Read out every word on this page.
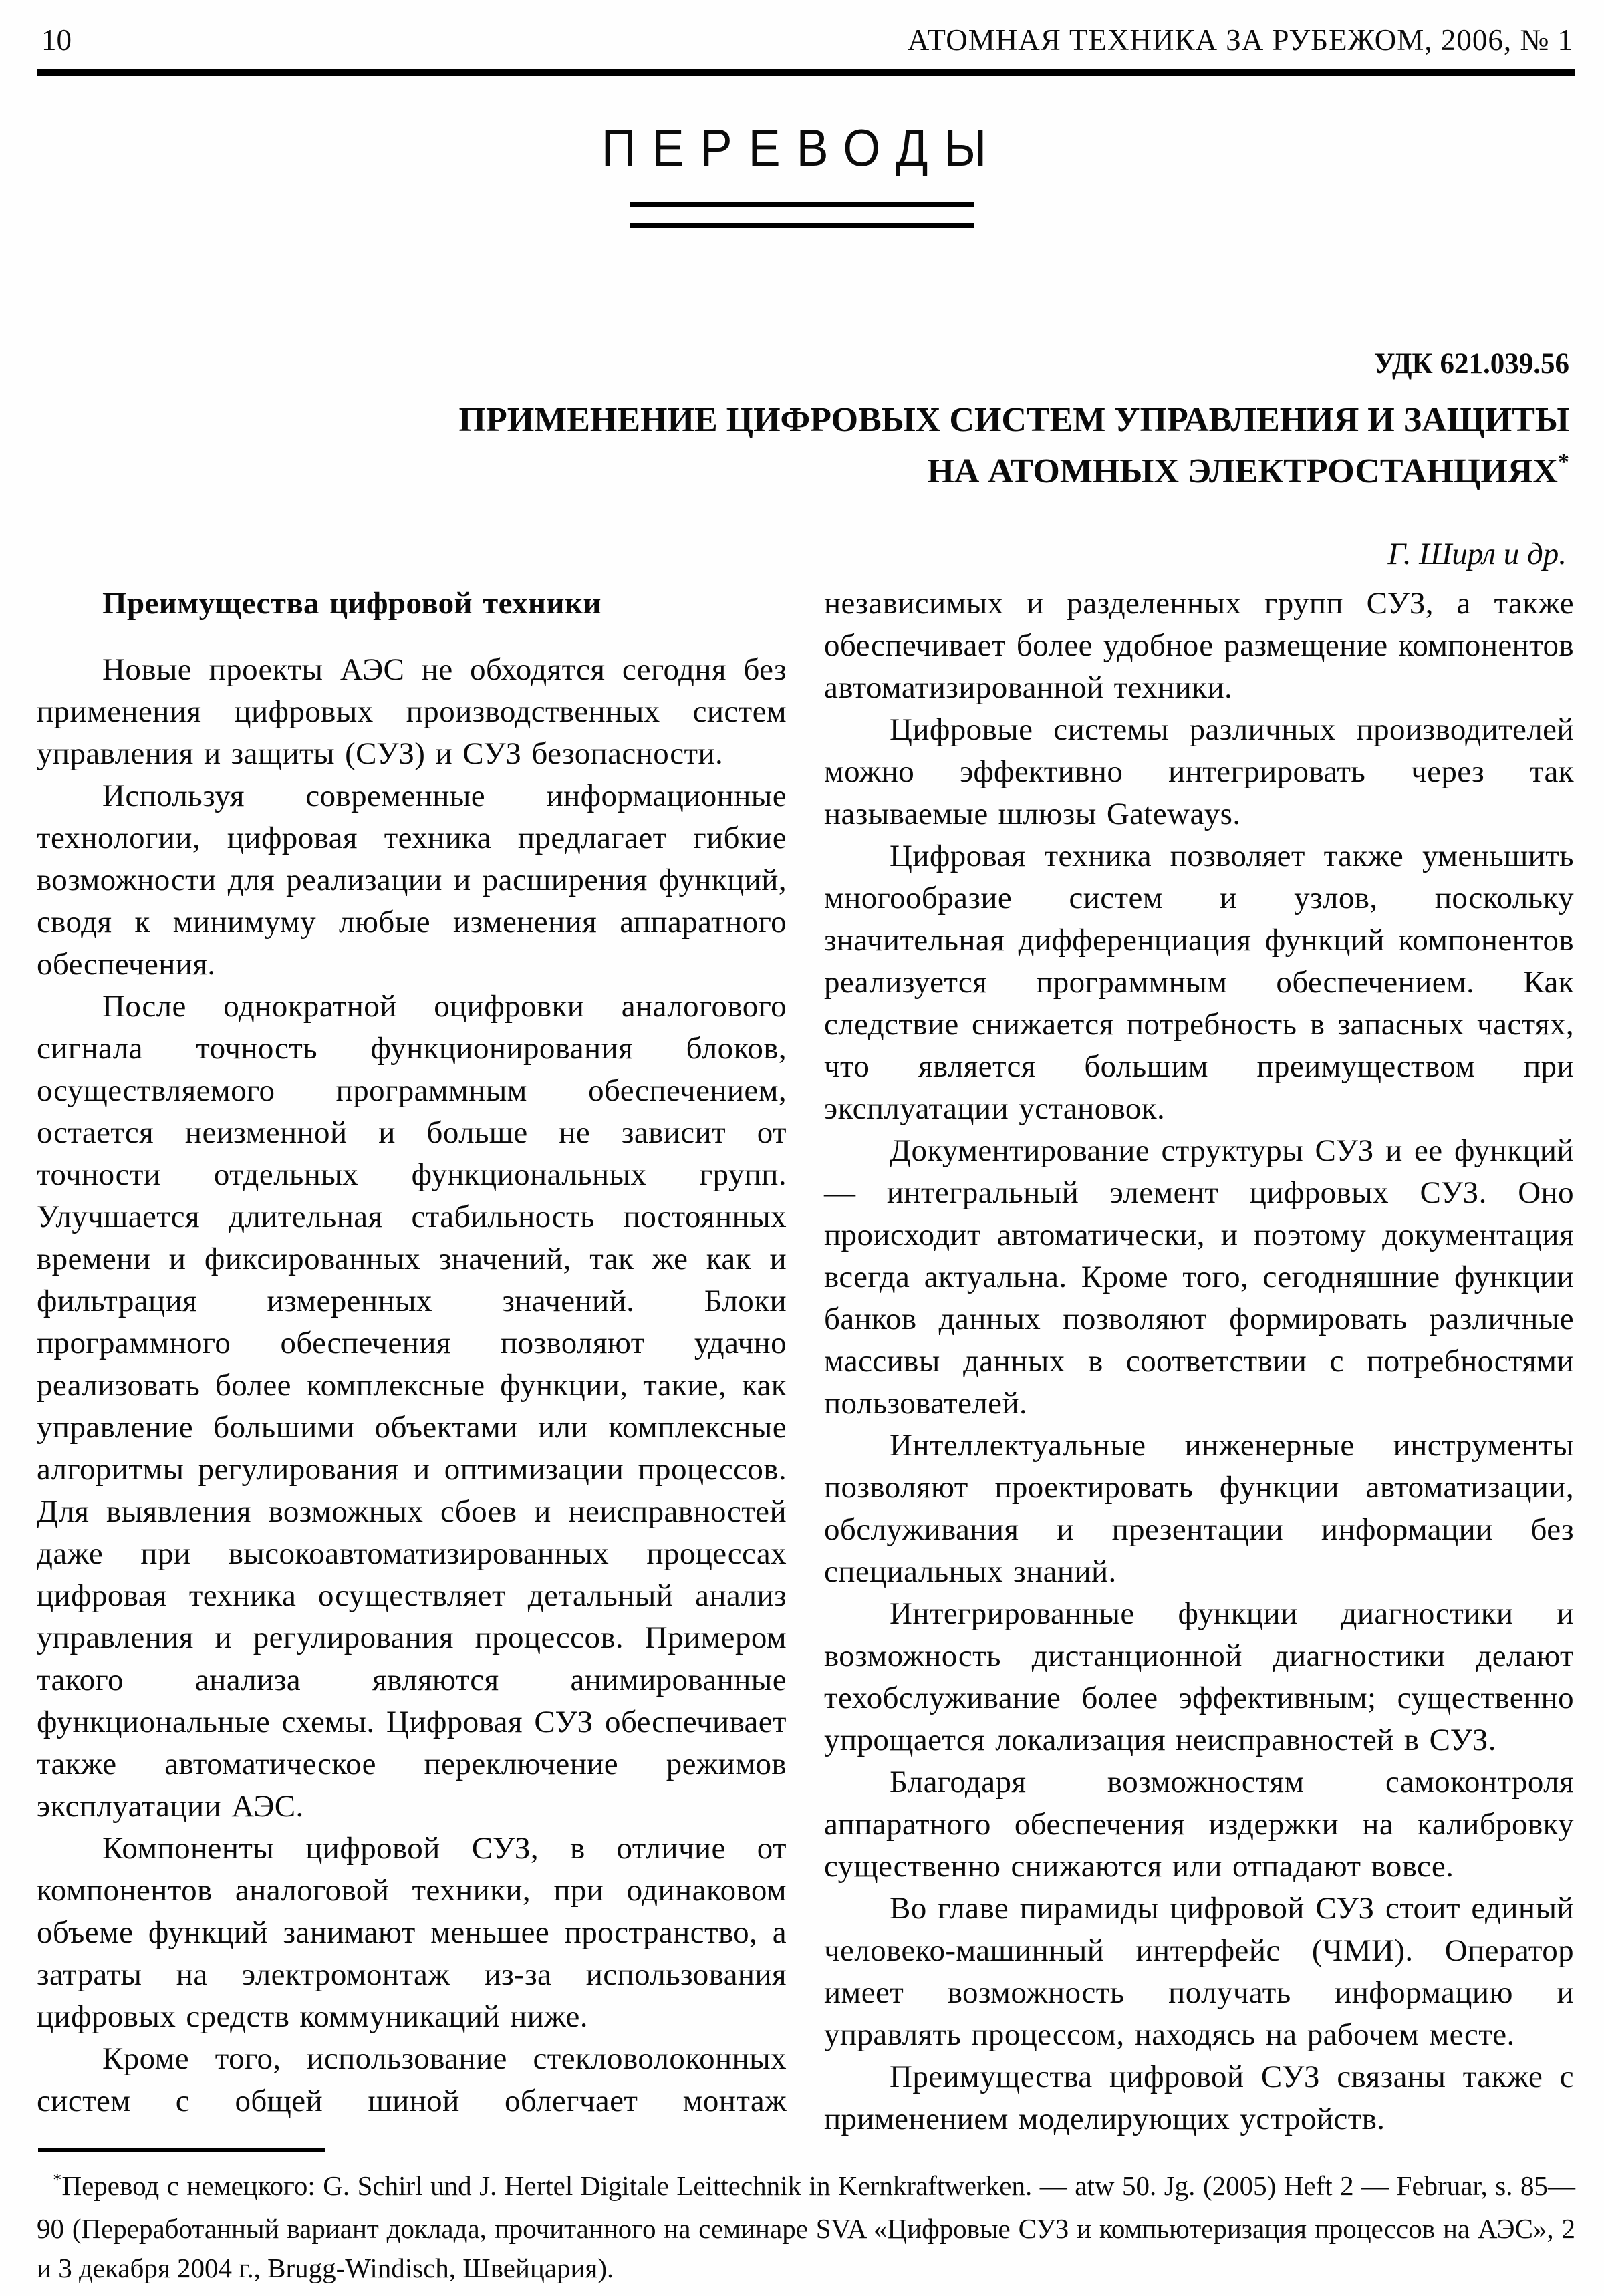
10	АТОМНАЯ ТЕХНИКА ЗА РУБЕЖОМ, 2006, № 1
ПЕРЕВОДЫ
УДК 621.039.56
ПРИМЕНЕНИЕ ЦИФРОВЫХ СИСТЕМ УПРАВЛЕНИЯ И ЗАЩИТЫ
НА АТОМНЫХ ЭЛЕКТРОСТАНЦИЯХ*
Г. Ширл и др.

Преимущества цифровой техники

Новые проекты АЭС не обходятся сегодня без применения цифровых производственных систем управления и защиты (СУЗ) и СУЗ безопасности.

Используя современные информационные технологии, цифровая техника предлагает гибкие возможности для реализации и расширения функций, сводя к минимуму любые изменения аппаратного обеспечения.

После однократной оцифровки аналогового сигнала точность функционирования блоков, осуществляемого программным обеспечением, остается неизменной и больше не зависит от точности отдельных функциональных групп. Улучшается длительная стабильность постоянных времени и фиксированных значений, так же как и фильтрация измеренных значений. Блоки программного обеспечения позволяют удачно реализовать более комплексные функции, такие, как управление большими объектами или комплексные алгоритмы регулирования и оптимизации процессов. Для выявления возможных сбоев и неисправностей даже при высокоавтоматизированных процессах цифровая техника осуществляет детальный анализ управления и регулирования процессов. Примером такого анализа являются анимированные функциональные схемы. Цифровая СУЗ обеспечивает также автоматическое переключение режимов эксплуатации АЭС.

Компоненты цифровой СУЗ, в отличие от компонентов аналоговой техники, при одинаковом объеме функций занимают меньшее пространство, а затраты на электромонтаж из-за использования цифровых средств коммуникаций ниже.

Кроме того, использование стекловолоконных систем с общей шиной облегчает монтаж

независимых и разделенных групп СУЗ, а также обеспечивает более удобное размещение компонентов автоматизированной техники.

Цифровые системы различных производителей можно эффективно интегрировать через так называемые шлюзы Gateways.

Цифровая техника позволяет также уменьшить многообразие систем и узлов, поскольку значительная дифференциация функций компонентов реализуется программным обеспечением. Как следствие снижается потребность в запасных частях, что является большим преимуществом при эксплуатации установок.

Документирование структуры СУЗ и ее функций — интегральный элемент цифровых СУЗ. Оно происходит автоматически, и поэтому документация всегда актуальна. Кроме того, сегодняшние функции банков данных позволяют формировать различные массивы данных в соответствии с потребностями пользователей.

Интеллектуальные инженерные инструменты позволяют проектировать функции автоматизации, обслуживания и презентации информации без специальных знаний.

Интегрированные функции диагностики и возможность дистанционной диагностики делают техобслуживание более эффективным; существенно упрощается локализация неисправностей в СУЗ.

Благодаря возможностям самоконтроля аппаратного обеспечения издержки на калибровку существенно снижаются или отпадают вовсе.

Во главе пирамиды цифровой СУЗ стоит единый человеко-машинный интерфейс (ЧМИ). Оператор имеет возможность получать информацию и управлять процессом, находясь на рабочем месте.

Преимущества цифровой СУЗ связаны также с применением моделирующих устройств.

*Перевод с немецкого: G. Schirl und J. Hertel Digitale Leittechnik in Kernkraftwerken. — atw 50. Jg. (2005) Heft 2 — Februar, s. 85—90 (Переработанный вариант доклада, прочитанного на семинаре SVA «Цифровые СУЗ и компьютеризация процессов на АЭС», 2 и 3 декабря 2004 г., Brugg-Windisch, Швейцария).
